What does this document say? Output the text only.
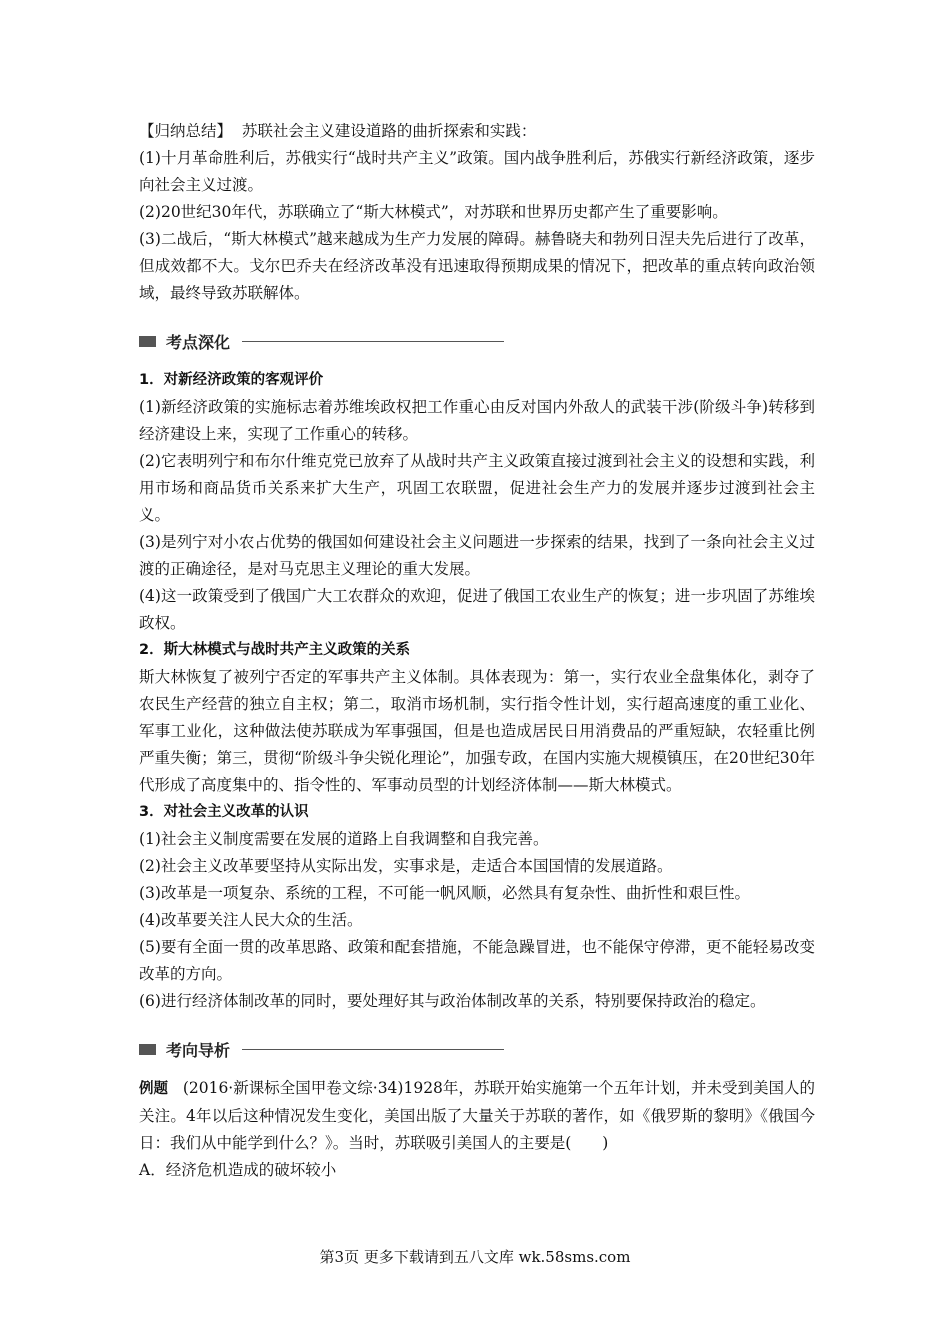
【归纳总结】 苏联社会主义建设道路的曲折探索和实践：

(1)十月革命胜利后，苏俄实行“战时共产主义”政策。国内战争胜利后，苏俄实行新经济政策，逐步向社会主义过渡。

(2)20世纪30年代，苏联确立了“斯大林模式”，对苏联和世界历史都产生了重要影响。

(3)二战后，“斯大林模式”越来越成为生产力发展的障碍。赫鲁晓夫和勃列日涅夫先后进行了改革，但成效都不大。戈尔巴乔夫在经济改革没有迅速取得预期成果的情况下，把改革的重点转向政治领域，最终导致苏联解体。

考点深化

1．对新经济政策的客观评价

(1)新经济政策的实施标志着苏维埃政权把工作重心由反对国内外敌人的武装干涉(阶级斗争)转移到经济建设上来，实现了工作重心的转移。

(2)它表明列宁和布尔什维克党已放弃了从战时共产主义政策直接过渡到社会主义的设想和实践，利用市场和商品货币关系来扩大生产，巩固工农联盟，促进社会生产力的发展并逐步过渡到社会主义。

(3)是列宁对小农占优势的俄国如何建设社会主义问题进一步探索的结果，找到了一条向社会主义过渡的正确途径，是对马克思主义理论的重大发展。

(4)这一政策受到了俄国广大工农群众的欢迎，促进了俄国工农业生产的恢复；进一步巩固了苏维埃政权。

2．斯大林模式与战时共产主义政策的关系

斯大林恢复了被列宁否定的军事共产主义体制。具体表现为：第一，实行农业全盘集体化，剥夺了农民生产经营的独立自主权；第二，取消市场机制，实行指令性计划，实行超高速度的重工业化、军事工业化，这种做法使苏联成为军事强国，但是也造成居民日用消费品的严重短缺，农轻重比例严重失衡；第三，贯彻“阶级斗争尖锐化理论”，加强专政，在国内实施大规模镇压，在20世纪30年代形成了高度集中的、指令性的、军事动员型的计划经济体制——斯大林模式。

3．对社会主义改革的认识

(1)社会主义制度需要在发展的道路上自我调整和自我完善。

(2)社会主义改革要坚持从实际出发，实事求是，走适合本国国情的发展道路。

(3)改革是一项复杂、系统的工程，不可能一帆风顺，必然具有复杂性、曲折性和艰巨性。

(4)改革要关注人民大众的生活。

(5)要有全面一贯的改革思路、政策和配套措施，不能急躁冒进，也不能保守停滞，更不能轻易改变改革的方向。

(6)进行经济体制改革的同时，要处理好其与政治体制改革的关系，特别要保持政治的稳定。

考向导析

例题 (2016·新课标全国甲卷文综·34)1928年，苏联开始实施第一个五年计划，并未受到美国人的关注。4年以后这种情况发生变化，美国出版了大量关于苏联的著作，如《俄罗斯的黎明》《俄国今日：我们从中能学到什么？》。当时，苏联吸引美国人的主要是(　　)

A．经济危机造成的破坏较小

第3页 更多下载请到五八文库 wk.58sms.com
